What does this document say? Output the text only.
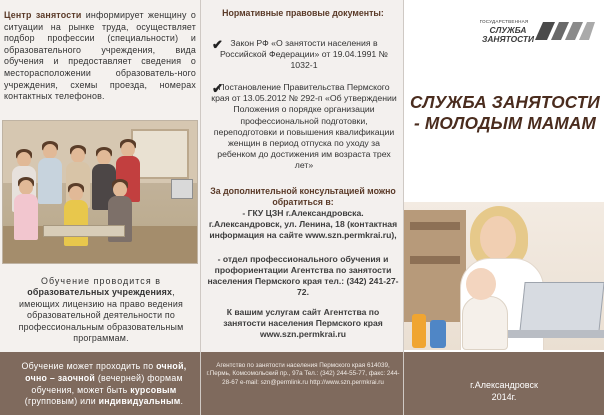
Центр занятости информирует женщину о ситуации на рынке труда, осуществляет подбор профессии (специальности) и образовательного учреждения, вида обучения и предоставляет сведения о месторасположении образователь-ного учреждения, схемы проезда, номерах контактных телефонов.

Обучение проводится в образовательных учреждениях, имеющих лицензию на право ведения образовательной деятельности по профессиональным образовательным программам.

Обучение может проходить по очной, очно – заочной (вечерней) формам обучения, может быть курсовым (групповым) или индивидуальным.

Нормативные правовые документы:
✔ Закон РФ «О занятости населения в Российской Федерации» от 19.04.1991 № 1032-1

✔

Постановление Правительства Пермского края от 13.05.2012 № 292-п «Об утверждении Положения о порядке организации профессиональной подготовки, переподготовки и повышения квалификации женщин в период отпуска по уходу за ребенком до достижения им возраста трех лет»

За дополнительной консультацией можно обратиться в:

- ГКУ ЦЗН г.Александровска. г.Александровск, ул. Ленина, 18 (контактная информация на сайте www.szn.permkrai.ru),

- отдел профессионального обучения и профориентации Агентства по занятости населения Пермского края тел.: (342) 241-27-72.

К вашим услугам сайт Агентства по занятости населения Пермского края www.szn.permkrai.ru

Агентство по занятости населения Пермского края 614039, г.Пермь, Комсомольский пр., 97а Тел.: (342) 244-55-77, факс: 244-28-67 e-mail: szn@permlink.ru http://www.szn.permkrai.ru

ГОСУДАРСТВЕННАЯ
СЛУЖБА ЗАНЯТОСТИ
СЛУЖБА ЗАНЯТОСТИ - МОЛОДЫМ МАМАМ

г.Александровск
2014г.
